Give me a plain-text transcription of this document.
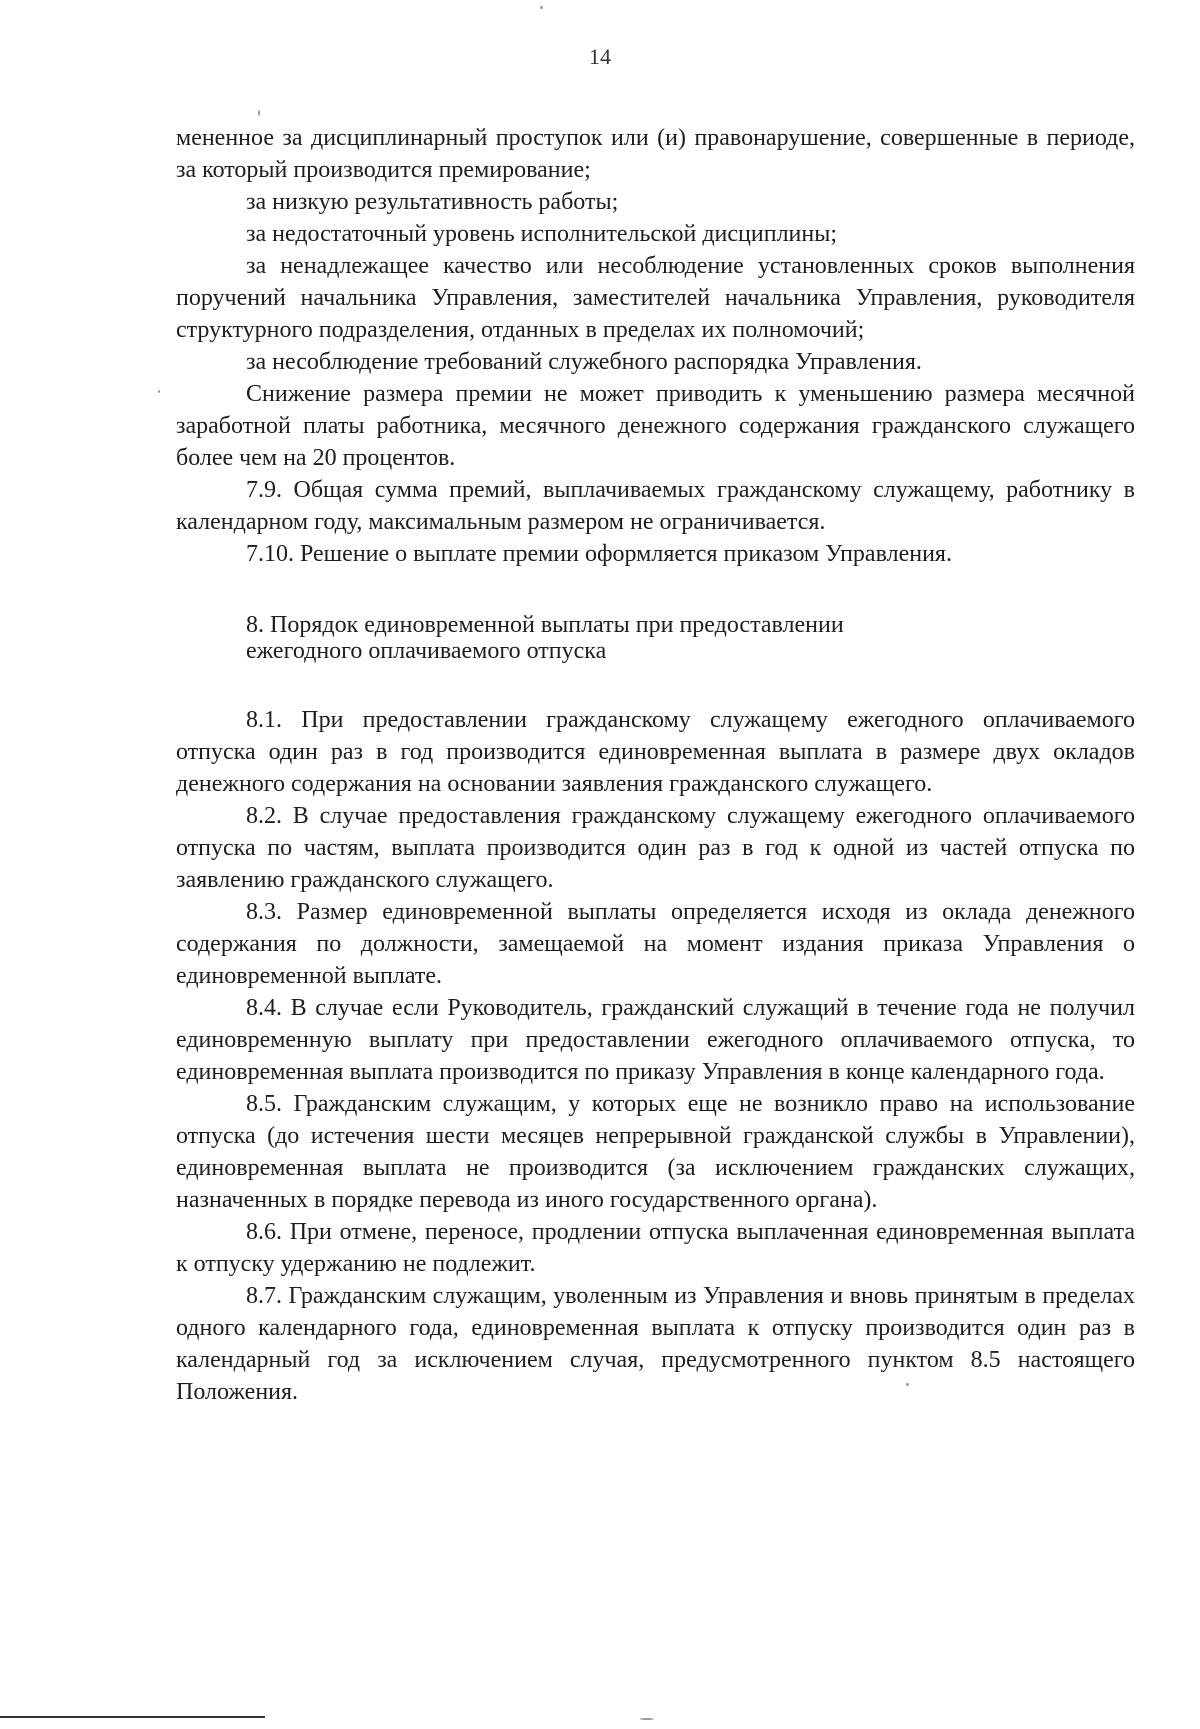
14

мененное за дисциплинарный проступок или (и) правонарушение, совершенные в периоде, за который производится премирование;

за низкую результативность работы;

за недостаточный уровень исполнительской дисциплины;

за ненадлежащее качество или несоблюдение установленных сроков выполнения поручений начальника Управления, заместителей начальника Управления, руководителя структурного подразделения, отданных в пределах их полномочий;

за несоблюдение требований служебного распорядка Управления.

Снижение размера премии не может приводить к уменьшению размера месячной заработной платы работника, месячного денежного содержания гражданского служащего более чем на 20 процентов.

7.9. Общая сумма премий, выплачиваемых гражданскому служащему, работнику в календарном году, максимальным размером не ограничивается.

7.10. Решение о выплате премии оформляется приказом Управления.

8. Порядок единовременной выплаты при предоставлении
ежегодного оплачиваемого отпуска

8.1. При предоставлении гражданскому служащему ежегодного оплачиваемого отпуска один раз в год производится единовременная выплата в размере двух окладов денежного содержания на основании заявления гражданского служащего.

8.2. В случае предоставления гражданскому служащему ежегодного оплачиваемого отпуска по частям, выплата производится один раз в год к одной из частей отпуска по заявлению гражданского служащего.

8.3. Размер единовременной выплаты определяется исходя из оклада денежного содержания по должности, замещаемой на момент издания приказа Управления о единовременной выплате.

8.4. В случае если Руководитель, гражданский служащий в течение года не получил единовременную выплату при предоставлении ежегодного оплачиваемого отпуска, то единовременная выплата производится по приказу Управления в конце календарного года.

8.5. Гражданским служащим, у которых еще не возникло право на использование отпуска (до истечения шести месяцев непрерывной гражданской службы в Управлении), единовременная выплата не производится (за исключением гражданских служащих, назначенных в порядке перевода из иного государственного органа).

8.6. При отмене, переносе, продлении отпуска выплаченная единовременная выплата к отпуску удержанию не подлежит.

8.7. Гражданским служащим, уволенным из Управления и вновь принятым в пределах одного календарного года, единовременная выплата к отпуску производится один раз в календарный год за исключением случая, предусмотренного пунктом 8.5 настоящего Положения.
